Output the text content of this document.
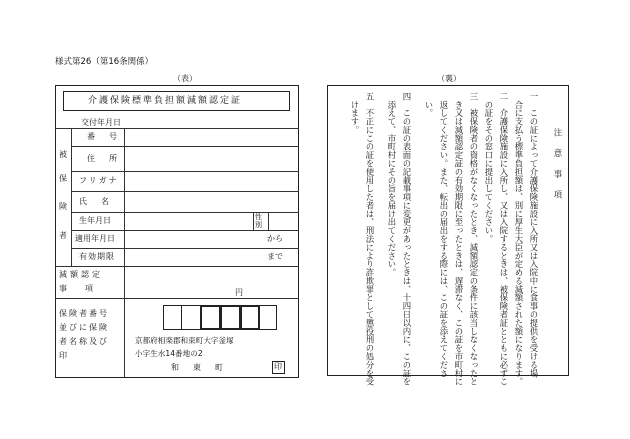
様式第26（第16条関係）
（表）	（裏）
介護保険標準負担額減額認定証
交付年月日
被
保
険
者
番　号
住　所
フリガナ
氏　名
生年月日
適用年月日
有効期限
性別
から
まで
減額認定
事項	円
保険者番号
並びに保険
者名称及び
印
京都府相楽郡和束町大字釜塚
小字生水14番地の2
和　東　町	印
注　意　事　項
一　この証によって介護保険施設に入所又は入院中に食事の提供を受ける場
　合に支払う標準負担額は、別に厚生大臣が定める減額された額になります。
二　介護保険施設に入所し、又は入院するときは、被保険者証とともに必ずこ
　の証をその窓口に提出してください。
三　被保険者の資格がなくなったとき、減額認定の条件に該当しなくなったと
　き又は減額認定証の有効期限に至ったときは、遅滞なく、この証を市町村に
　返してください。また、転出の届出をする際には、この証を添えてくださ
　い。
四　この証の表面の記載事項に変更があったときは、十四日以内に、この証を
　添えて、市町村にその旨を届け出てください。
五　不正にこの証を使用した者は、刑法により詐欺罪として懲役刑の処分を受
　けます。
